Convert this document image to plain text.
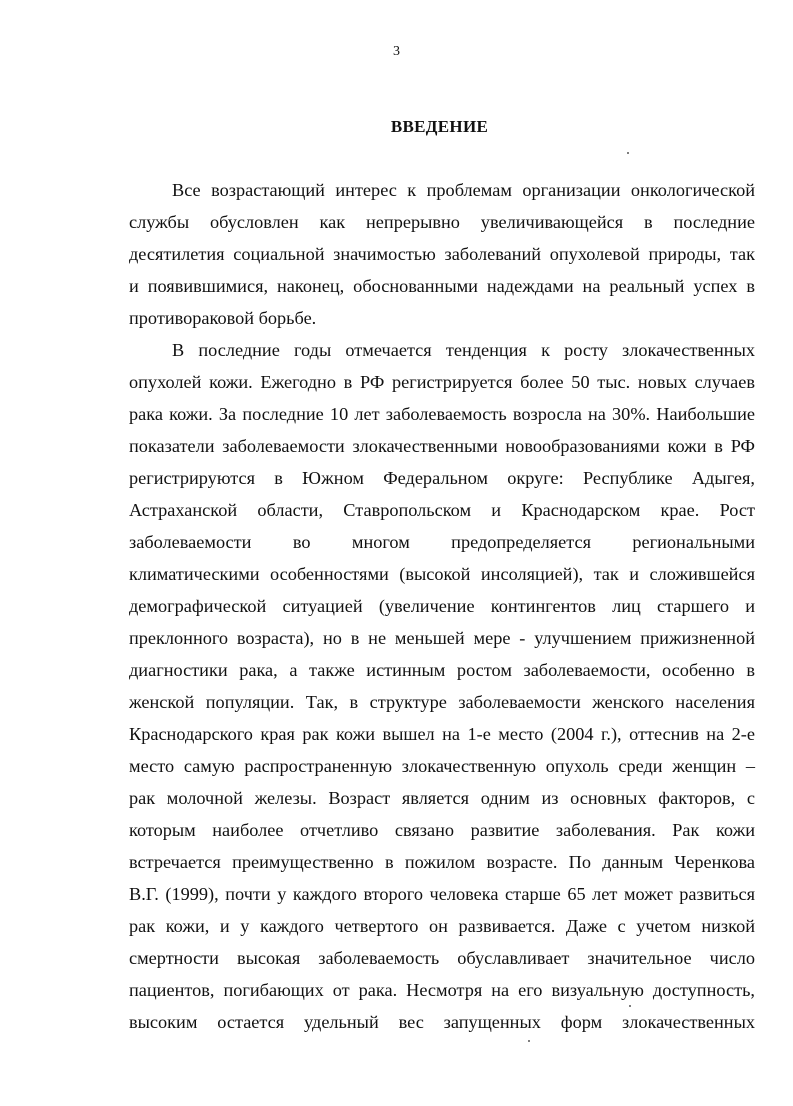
3
ВВЕДЕНИЕ
Все возрастающий интерес к проблемам организации онкологической
службы обусловлен как непрерывно увеличивающейся в последние
десятилетия социальной значимостью заболеваний опухолевой природы, так
и появившимися, наконец, обоснованными надеждами на реальный успех в
противораковой борьбе.
В последние годы отмечается тенденция к росту злокачественных
опухолей кожи. Ежегодно в РФ регистрируется более 50 тыс. новых случаев
рака кожи. За последние 10 лет заболеваемость возросла на 30%. Наибольшие
показатели заболеваемости злокачественными новообразованиями кожи в РФ
регистрируются в Южном Федеральном округе: Республике Адыгея,
Астраханской области, Ставропольском и Краснодарском крае. Рост
заболеваемости во многом предопределяется региональными
климатическими особенностями (высокой инсоляцией), так и сложившейся
демографической ситуацией (увеличение контингентов лиц старшего и
преклонного возраста), но в не меньшей мере - улучшением прижизненной
диагностики рака, а также истинным ростом заболеваемости, особенно в
женской популяции. Так, в структуре заболеваемости женского населения
Краснодарского края рак кожи вышел на 1-е место (2004 г.), оттеснив на 2-е
место самую распространенную злокачественную опухоль среди женщин –
рак молочной железы. Возраст является одним из основных факторов, с
которым наиболее отчетливо связано развитие заболевания. Рак кожи
встречается преимущественно в пожилом возрасте. По данным Черенкова
В.Г. (1999), почти у каждого второго человека старше 65 лет может развиться
рак кожи, и у каждого четвертого он развивается. Даже с учетом низкой
смертности высокая заболеваемость обуславливает значительное число
пациентов, погибающих от рака. Несмотря на его визуальную доступность,
высоким остается удельный вес запущенных форм злокачественных
